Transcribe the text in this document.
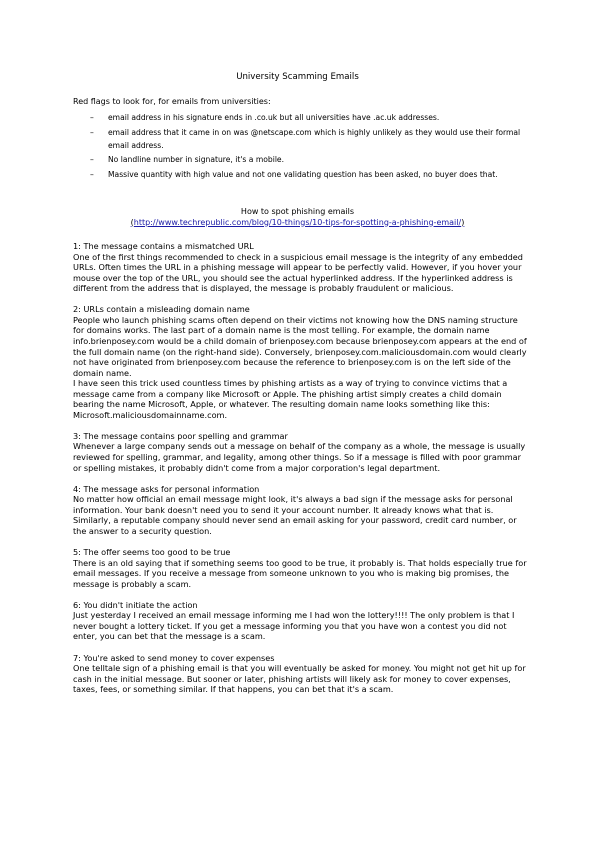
University Scamming Emails
Red flags to look for, for emails from universities:
– email address in his signature ends in .co.uk but all universities have .ac.uk addresses.
– email address that it came in on was @netscape.com which is highly unlikely as they would use their formal email address.
– No landline number in signature, it's a mobile.
– Massive quantity with high value and not one validating question has been asked, no buyer does that.
How to spot phishing emails
(http://www.techrepublic.com/blog/10-things/10-tips-for-spotting-a-phishing-email/)

1: The message contains a mismatched URL

One of the first things recommended to check in a suspicious email message is the integrity of any embedded URLs. Often times the URL in a phishing message will appear to be perfectly valid. However, if you hover your mouse over the top of the URL, you should see the actual hyperlinked address. If the hyperlinked address is different from the address that is displayed, the message is probably fraudulent or malicious.

2: URLs contain a misleading domain name

People who launch phishing scams often depend on their victims not knowing how the DNS naming structure for domains works. The last part of a domain name is the most telling. For example, the domain name info.brienposey.com would be a child domain of brienposey.com because brienposey.com appears at the end of the full domain name (on the right-hand side). Conversely, brienposey.com.maliciousdomain.com would clearly not have originated from brienposey.com because the reference to brienposey.com is on the left side of the domain name.

I have seen this trick used countless times by phishing artists as a way of trying to convince victims that a message came from a company like Microsoft or Apple. The phishing artist simply creates a child domain bearing the name Microsoft, Apple, or whatever. The resulting domain name looks something like this: Microsoft.maliciousdomainname.com.

3: The message contains poor spelling and grammar

Whenever a large company sends out a message on behalf of the company as a whole, the message is usually reviewed for spelling, grammar, and legality, among other things. So if a message is filled with poor grammar or spelling mistakes, it probably didn't come from a major corporation's legal department.

4: The message asks for personal information

No matter how official an email message might look, it's always a bad sign if the message asks for personal information. Your bank doesn't need you to send it your account number. It already knows what that is. Similarly, a reputable company should never send an email asking for your password, credit card number, or the answer to a security question.

5: The offer seems too good to be true

There is an old saying that if something seems too good to be true, it probably is. That holds especially true for email messages. If you receive a message from someone unknown to you who is making big promises, the message is probably a scam.

6: You didn't initiate the action

Just yesterday I received an email message informing me I had won the lottery!!!! The only problem is that I never bought a lottery ticket. If you get a message informing you that you have won a contest you did not enter, you can bet that the message is a scam.

7: You're asked to send money to cover expenses

One telltale sign of a phishing email is that you will eventually be asked for money. You might not get hit up for cash in the initial message. But sooner or later, phishing artists will likely ask for money to cover expenses, taxes, fees, or something similar. If that happens, you can bet that it's a scam.
